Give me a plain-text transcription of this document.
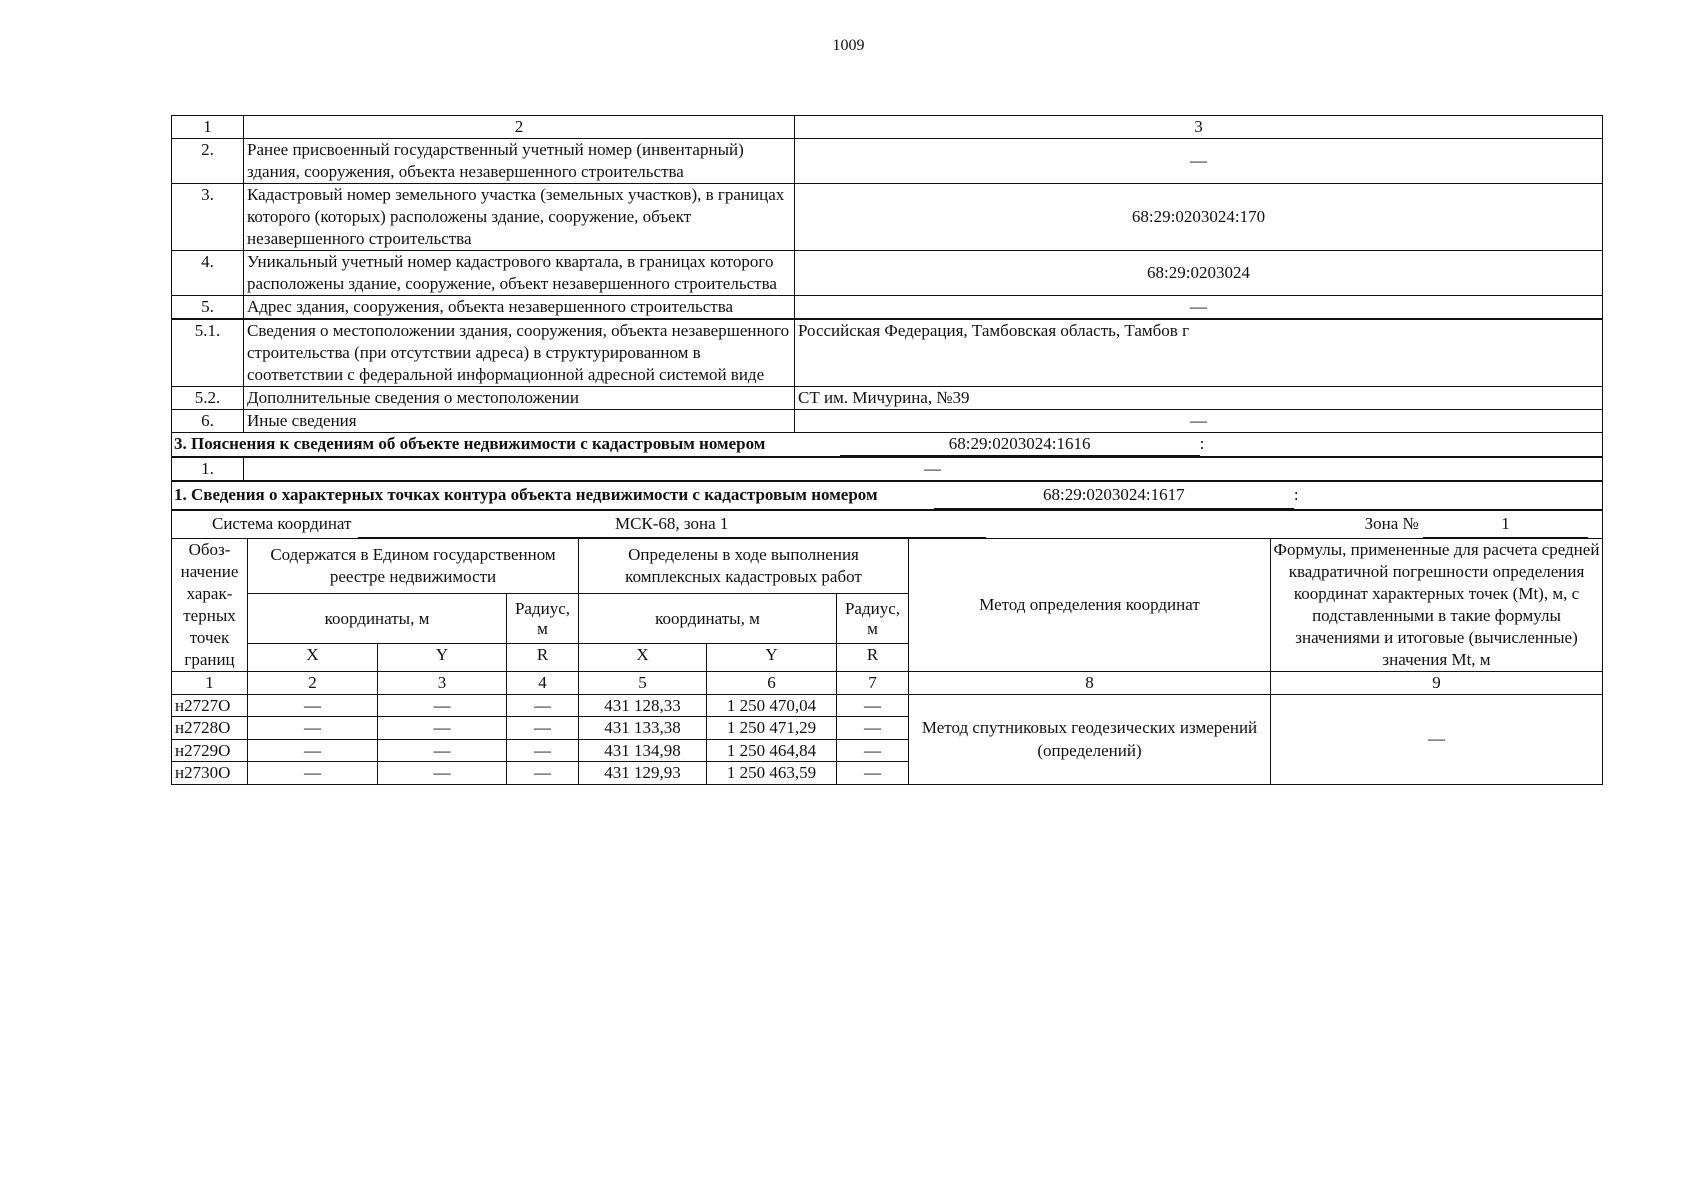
1009
1	2	3
2.	Ранее присвоенный государственный учетный номер (инвентарный) здания, сооружения, объекта незавершенного строительства	—
3.	Кадастровый номер земельного участка (земельных участков), в границах которого (которых) расположены здание, сооружение, объект незавершенного строительства	68:29:0203024:170
4.	Уникальный учетный номер кадастрового квартала, в границах которого расположены здание, сооружение, объект незавершенного строительства	68:29:0203024
5.	Адрес здания, сооружения, объекта незавершенного строительства	—
5.1.	Сведения о местоположении здания, сооружения, объекта незавершенного строительства (при отсутствии адреса) в структурированном в соответствии с федеральной информационной адресной системой виде	Российская Федерация, Тамбовская область, Тамбов г
5.2.	Дополнительные сведения о местоположении	СТ им. Мичурина, №39
6.	Иные сведения	—
3. Пояснения к сведениям об объекте недвижимости с кадастровым номером 68:29:0203024:1616 :		
1.	—	
1. Сведения о характерных точках контура объекта недвижимости с кадастровым номером 68:29:0203024:1617 :		
Система координат МСК-68, зона 1 Зона № 1		
Обоз-начение харак-терных точек границ	Содержатся в Едином государственном реестре недвижимости			Определены в ходе выполнения комплексных кадастровых работ			Метод определения координат	Формулы, примененные для расчета средней квадратичной погрешности определения координат характерных точек (Mt), м, с подставленными в такие формулы значениями и итоговые (вычисленные) значения Mt, м
	координаты, м		Радиус, м	координаты, м		Радиус, м		
	X	Y	R	X	Y	R		
1	2	3	4	5	6	7	8	9
н2727О	—	—	—	431 128,33	1 250 470,04	—	Метод спутниковых геодезических измерений (определений)	—
н2728О	—	—	—	431 133,38	1 250 471,29	—		
н2729О	—	—	—	431 134,98	1 250 464,84	—		
н2730О	—	—	—	431 129,93	1 250 463,59	—		
